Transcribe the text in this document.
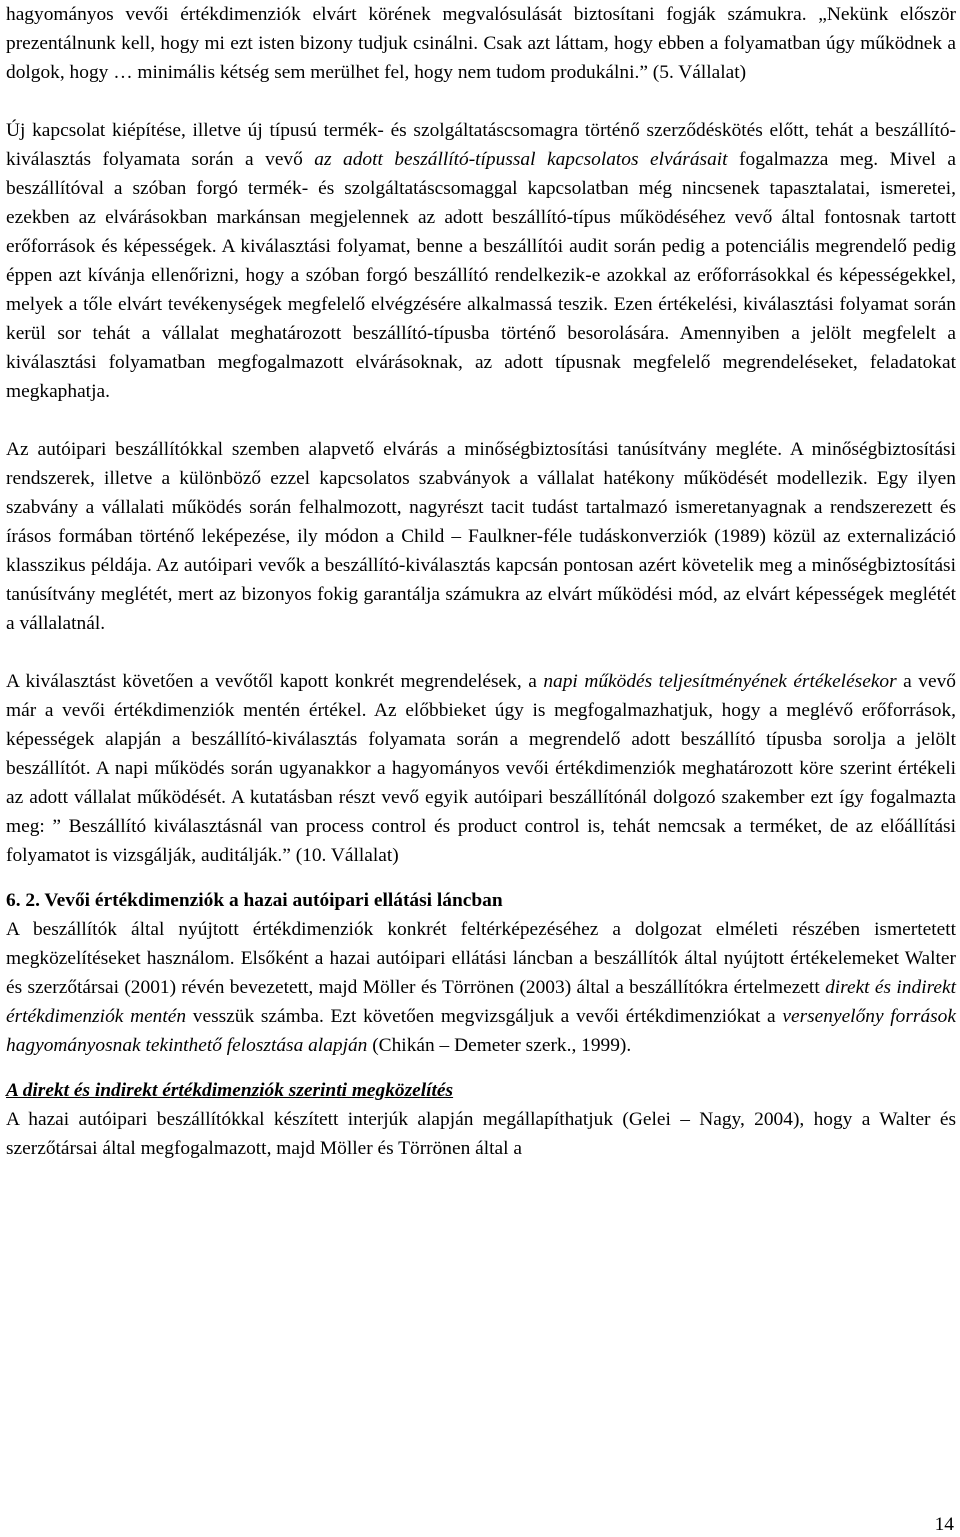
hagyományos vevői értékdimenziók elvárt körének megvalósulását biztosítani fogják számukra. „Nekünk először prezentálnunk kell, hogy mi ezt isten bizony tudjuk csinálni. Csak azt láttam, hogy ebben a folyamatban úgy működnek a dolgok, hogy … minimális kétség sem merülhet fel, hogy nem tudom produkálni.” (5. Vállalat)

Új kapcsolat kiépítése, illetve új típusú termék- és szolgáltatáscsomagra történő szerződéskötés előtt, tehát a beszállító-kiválasztás folyamata során a vevő az adott beszállító-típussal kapcsolatos elvárásait fogalmazza meg. Mivel a beszállítóval a szóban forgó termék- és szolgáltatáscsomaggal kapcsolatban még nincsenek tapasztalatai, ismeretei, ezekben az elvárásokban markánsan megjelennek az adott beszállító-típus működéséhez vevő által fontosnak tartott erőforrások és képességek. A kiválasztási folyamat, benne a beszállítói audit során pedig a potenciális megrendelő pedig éppen azt kívánja ellenőrizni, hogy a szóban forgó beszállító rendelkezik-e azokkal az erőforrásokkal és képességekkel, melyek a tőle elvárt tevékenységek megfelelő elvégzésére alkalmassá teszik. Ezen értékelési, kiválasztási folyamat során kerül sor tehát a vállalat meghatározott beszállító-típusba történő besorolására. Amennyiben a jelölt megfelelt a kiválasztási folyamatban megfogalmazott elvárásoknak, az adott típusnak megfelelő megrendeléseket, feladatokat megkaphatja.

Az autóipari beszállítókkal szemben alapvető elvárás a minőségbiztosítási tanúsítvány megléte. A minőségbiztosítási rendszerek, illetve a különböző ezzel kapcsolatos szabványok a vállalat hatékony működését modellezik. Egy ilyen szabvány a vállalati működés során felhalmozott, nagyrészt tacit tudást tartalmazó ismeretanyagnak a rendszerezett és írásos formában történő leképezése, ily módon a Child – Faulkner-féle tudáskonverziók (1989) közül az externalizáció klasszikus példája. Az autóipari vevők a beszállító-kiválasztás kapcsán pontosan azért követelik meg a minőségbiztosítási tanúsítvány meglétét, mert az bizonyos fokig garantálja számukra az elvárt működési mód, az elvárt képességek meglétét a vállalatnál.

A kiválasztást követően a vevőtől kapott konkrét megrendelések, a napi működés teljesítményének értékelésekor a vevő már a vevői értékdimenziók mentén értékel. Az előbbieket úgy is megfogalmazhatjuk, hogy a meglévő erőforrások, képességek alapján a beszállító-kiválasztás folyamata során a megrendelő adott beszállító típusba sorolja a jelölt beszállítót. A napi működés során ugyanakkor a hagyományos vevői értékdimenziók meghatározott köre szerint értékeli az adott vállalat működését. A kutatásban részt vevő egyik autóipari beszállítónál dolgozó szakember ezt így fogalmazta meg: ” Beszállító kiválasztásnál van process control és product control is, tehát nemcsak a terméket, de az előállítási folyamatot is vizsgálják, auditálják.” (10. Vállalat)

6. 2. Vevői értékdimenziók a hazai autóipari ellátási láncban

A beszállítók által nyújtott értékdimenziók konkrét feltérképezéséhez a dolgozat elméleti részében ismertetett megközelítéseket használom. Elsőként a hazai autóipari ellátási láncban a beszállítók által nyújtott értékelemeket Walter és szerzőtársai (2001) révén bevezetett, majd Möller és Törrönen (2003) által a beszállítókra értelmezett direkt és indirekt értékdimenziók mentén vesszük számba. Ezt követően megvizsgáljuk a vevői értékdimenziókat a versenyelőny források hagyományosnak tekinthető felosztása alapján (Chikán – Demeter szerk., 1999).

A direkt és indirekt értékdimenziók szerinti megközelítés

A hazai autóipari beszállítókkal készített interjúk alapján megállapíthatjuk (Gelei – Nagy, 2004), hogy a Walter és szerzőtársai által megfogalmazott, majd Möller és Törrönen által a

14
